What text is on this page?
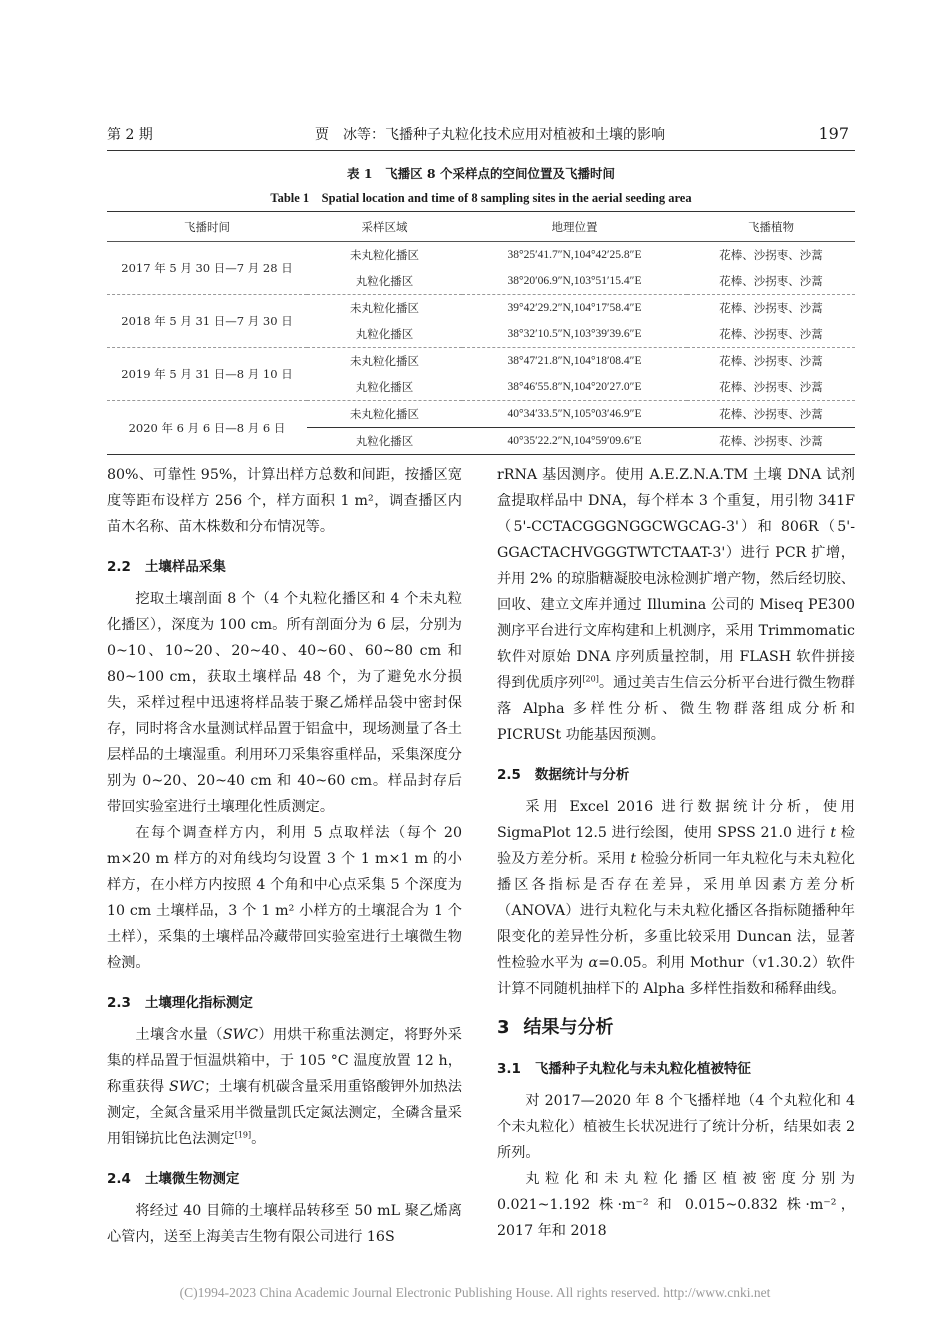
第 2 期	贾　冰等：飞播种子丸粒化技术应用对植被和土壤的影响	197
表 1　飞播区 8 个采样点的空间位置及飞播时间
Table 1　Spatial location and time of 8 sampling sites in the aerial seeding area
飞播时间	采样区域	地理位置	飞播植物
2017 年 5 月 30 日—7 月 28 日	未丸粒化播区	38°25′41.7″N,104°42′25.8″E	花棒、沙拐枣、沙蒿
	丸粒化播区	38°20′06.9″N,103°51′15.4″E	花棒、沙拐枣、沙蒿
2018 年 5 月 31 日—7 月 30 日	未丸粒化播区	39°42′29.2″N,104°17′58.4″E	花棒、沙拐枣、沙蒿
	丸粒化播区	38°32′10.5″N,103°39′39.6″E	花棒、沙拐枣、沙蒿
2019 年 5 月 31 日—8 月 10 日	未丸粒化播区	38°47′21.8″N,104°18′08.4″E	花棒、沙拐枣、沙蒿
	丸粒化播区	38°46′55.8″N,104°20′27.0″E	花棒、沙拐枣、沙蒿
2020 年 6 月 6 日—8 月 6 日	未丸粒化播区	40°34′33.5″N,105°03′46.9″E	花棒、沙拐枣、沙蒿
	丸粒化播区	40°35′22.2″N,104°59′09.6″E	花棒、沙拐枣、沙蒿

80%、可靠性 95%，计算出样方总数和间距，按播区宽度等距布设样方 256 个，样方面积 1 m²，调查播区内苗木名称、苗木株数和分布情况等。

2.2 土壤样品采集

挖取土壤剖面 8 个（4 个丸粒化播区和 4 个未丸粒化播区），深度为 100 cm。所有剖面分为 6 层，分别为 0~10、10~20、20~40、40~60、60~80 cm 和 80~100 cm，获取土壤样品 48 个，为了避免水分损失，采样过程中迅速将样品装于聚乙烯样品袋中密封保存，同时将含水量测试样品置于铝盒中，现场测量了各土层样品的土壤湿重。利用环刀采集容重样品，采集深度分别为 0~20、20~40 cm 和 40~60 cm。样品封存后带回实验室进行土壤理化性质测定。

在每个调查样方内，利用 5 点取样法（每个 20 m×20 m 样方的对角线均匀设置 3 个 1 m×1 m 的小样方，在小样方内按照 4 个角和中心点采集 5 个深度为 10 cm 土壤样品，3 个 1 m² 小样方的土壤混合为 1 个土样），采集的土壤样品冷藏带回实验室进行土壤微生物检测。

2.3 土壤理化指标测定

土壤含水量（SWC）用烘干称重法测定，将野外采集的样品置于恒温烘箱中，于 105 °C 温度放置 12 h，称重获得 SWC；土壤有机碳含量采用重铬酸钾外加热法测定，全氮含量采用半微量凯氏定氮法测定，全磷含量采用钼锑抗比色法测定[19]。

2.4 土壤微生物测定

将经过 40 目筛的土壤样品转移至 50 mL 聚乙烯离心管内，送至上海美吉生物有限公司进行 16S

rRNA 基因测序。使用 A.E.Z.N.A.TM 土壤 DNA 试剂盒提取样品中 DNA，每个样本 3 个重复，用引物 341F（5'-CCTACGGGNGGCWGCAG-3'）和 806R（5'-GGACTACHVGGGTWTCTAAT-3'）进行 PCR 扩增，并用 2% 的琼脂糖凝胶电泳检测扩增产物，然后经切胶、回收、建立文库并通过 Illumina 公司的 Miseq PE300 测序平台进行文库构建和上机测序，采用 Trimmomatic 软件对原始 DNA 序列质量控制，用 FLASH 软件拼接得到优质序列[20]。通过美吉生信云分析平台进行微生物群落 Alpha 多样性分析、微生物群落组成分析和 PICRUSt 功能基因预测。

2.5 数据统计与分析

采用 Excel 2016 进行数据统计分析，使用 SigmaPlot 12.5 进行绘图，使用 SPSS 21.0 进行 t 检验及方差分析。采用 t 检验分析同一年丸粒化与未丸粒化播区各指标是否存在差异，采用单因素方差分析（ANOVA）进行丸粒化与未丸粒化播区各指标随播种年限变化的差异性分析，多重比较采用 Duncan 法，显著性检验水平为 α=0.05。利用 Mothur（v1.30.2）软件计算不同随机抽样下的 Alpha 多样性指数和稀释曲线。

3 结果与分析

3.1 飞播种子丸粒化与未丸粒化植被特征

对 2017—2020 年 8 个飞播样地（4 个丸粒化和 4 个未丸粒化）植被生长状况进行了统计分析，结果如表 2 所列。

丸粒化和未丸粒化播区植被密度分别为 0.021~1.192 株·m⁻² 和 0.015~0.832 株·m⁻²，2017 年和 2018

(C)1994-2023 China Academic Journal Electronic Publishing House. All rights reserved. http://www.cnki.net
